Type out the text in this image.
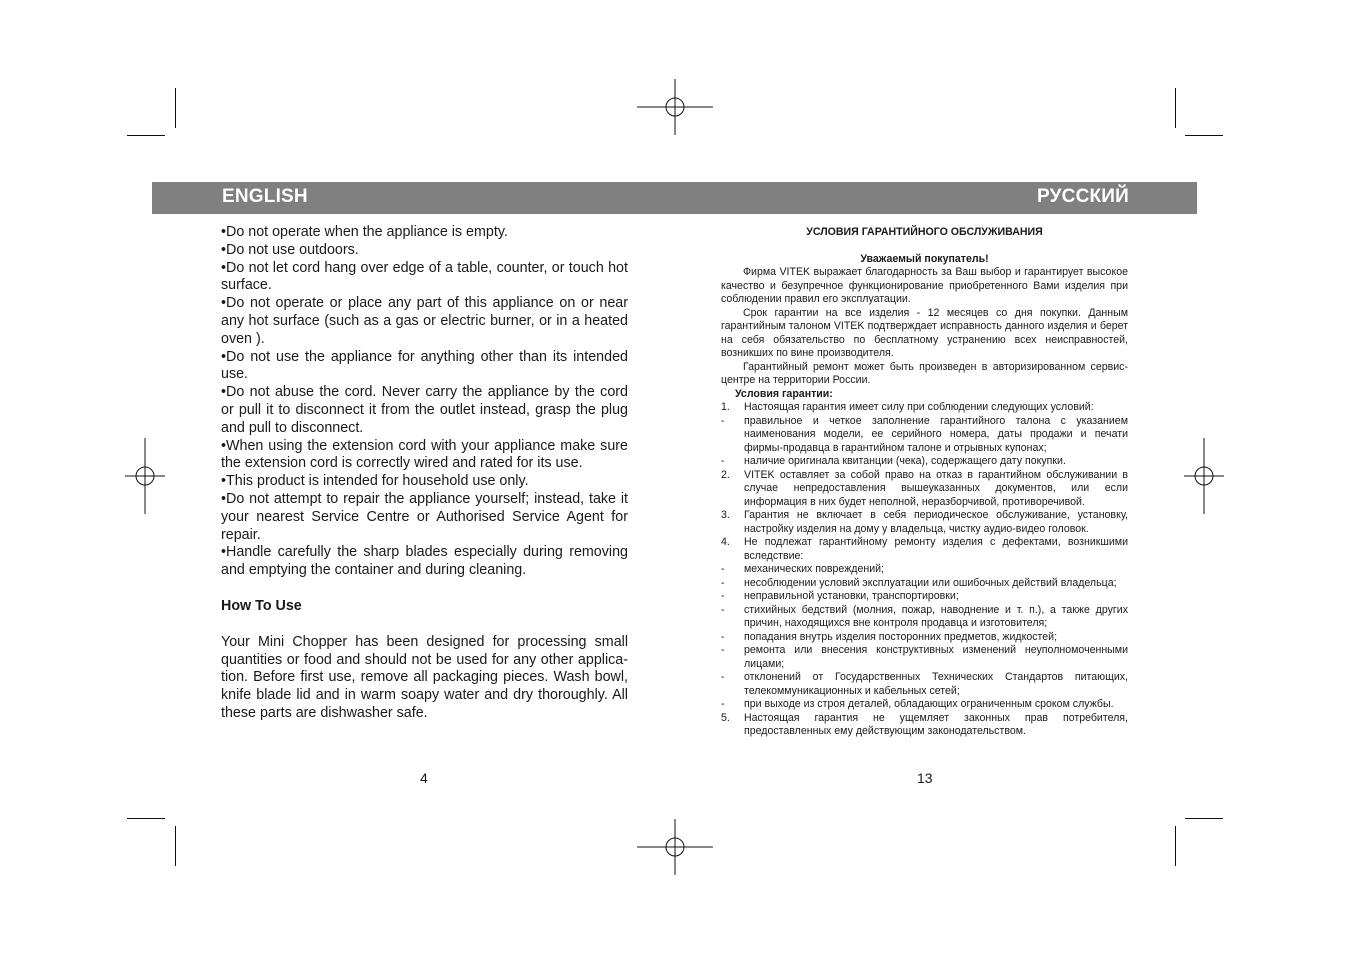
ENGLISH	РУССКИЙ

•Do not operate when the appliance is empty.

•Do not use outdoors.

•Do not let cord hang over edge of a table, counter, or touch hot surface.

•Do not operate or place any part of this appliance on or near any hot surface (such as a gas or electric burner, or in a heated oven ).

•Do not use the appliance for anything other than its intended use.

•Do not abuse the cord. Never carry the appliance by the cord or pull it to disconnect it from the outlet instead, grasp the plug and pull to disconnect.

•When using the extension cord with your appliance make sure the extension cord is correctly wired and rated for its use.

•This product is intended for household use only.

•Do not attempt to repair the appliance yourself; instead, take it your nearest Service Centre or Authorised Service Agent for repair.

•Handle carefully the sharp blades especially during removing and emptying the container and during cleaning.

How To Use

Your Mini Chopper has been designed for processing small quantities or food and should not be used for any other applica-tion. Before first use, remove all packaging pieces. Wash bowl, knife blade lid and in warm soapy water and dry thoroughly. All these parts are dishwasher safe.

4

УСЛОВИЯ ГАРАНТИЙНОГО ОБСЛУЖИВАНИЯ

Уважаемый покупатель!

Фирма VITEK выражает благодарность за Ваш выбор и гарантирует высокое качество и безупречное функционирование приобретенного Вами изделия при соблюдении правил его эксплуатации.

Срок гарантии на все изделия - 12 месяцев со дня покупки. Данным гарантийным талоном VITEK подтверждает исправность данного изделия и берет на себя обязательство по бесплатному устранению всех неисправностей, возникших по вине производителя.

Гарантийный ремонт может быть произведен в авторизированном сервис-центре на территории России.

Условия гарантии:

1.	Настоящая гарантия имеет силу при соблюдении следующих условий:
-	правильное и четкое заполнение гарантийного талона с указанием наименования модели, ее серийного номера, даты продажи и печати фирмы-продавца в гарантийном талоне и отрывных купонах;
-	наличие оригинала квитанции (чека), содержащего дату покупки.
2.	VITEK оставляет за собой право на отказ в гарантийном обслуживании в случае непредоставления вышеуказанных документов, или если информация в них будет неполной, неразборчивой, противоречивой.
3.	Гарантия не включает в себя периодическое обслуживание, установку, настройку изделия на дому у владельца, чистку аудио-видео головок.
4.	Не подлежат гарантийному ремонту изделия с дефектами, возникшими вследствие:
-	механических повреждений;
-	несоблюдении условий эксплуатации или ошибочных действий владельца;
-	неправильной установки, транспортировки;
-	стихийных бедствий (молния, пожар, наводнение и т. п.), а также других причин, находящихся вне контроля продавца и изготовителя;
-	попадания внутрь изделия посторонних предметов, жидкостей;
-	ремонта или внесения конструктивных изменений неуполномоченными лицами;
-	отклонений от Государственных Технических Стандартов питающих, телекоммуникационных и кабельных сетей;
-	при выходе из строя деталей, обладающих ограниченным сроком службы.
5.	Настоящая гарантия не ущемляет законных прав потребителя, предоставленных ему действующим законодательством.
13
